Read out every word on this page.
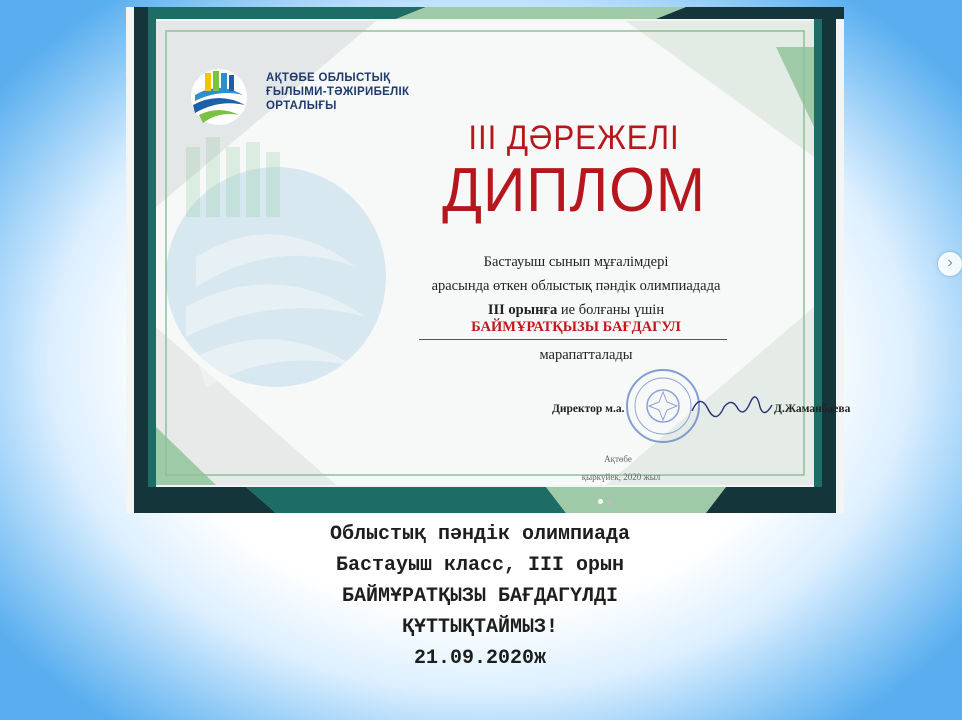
АҚТӨБЕ ОБЛЫСТЫҚ
ҒЫЛЫМИ-ТӘЖІРИБЕЛІК
ОРТАЛЫҒЫ
III ДӘРЕЖЕЛІ
ДИПЛОМ
Бастауыш сынып мұғалімдері
арасында өткен облыстық пәндік олимпиадада
III орынға ие болғаны үшін
БАЙМҰРАТҚЫЗЫ БАҒДАГУЛ
марапатталады
Директор м.а.	Д.Жаманбаева
Ақтөбе
қыркүйек, 2020 жыл
›
Облыстық пәндік олимпиада
Бастауыш класс, III орын
БАЙМҰРАТҚЫЗЫ БАҒДАГҮЛДІ
ҚҰТТЫҚТАЙМЫЗ!
21.09.2020ж
